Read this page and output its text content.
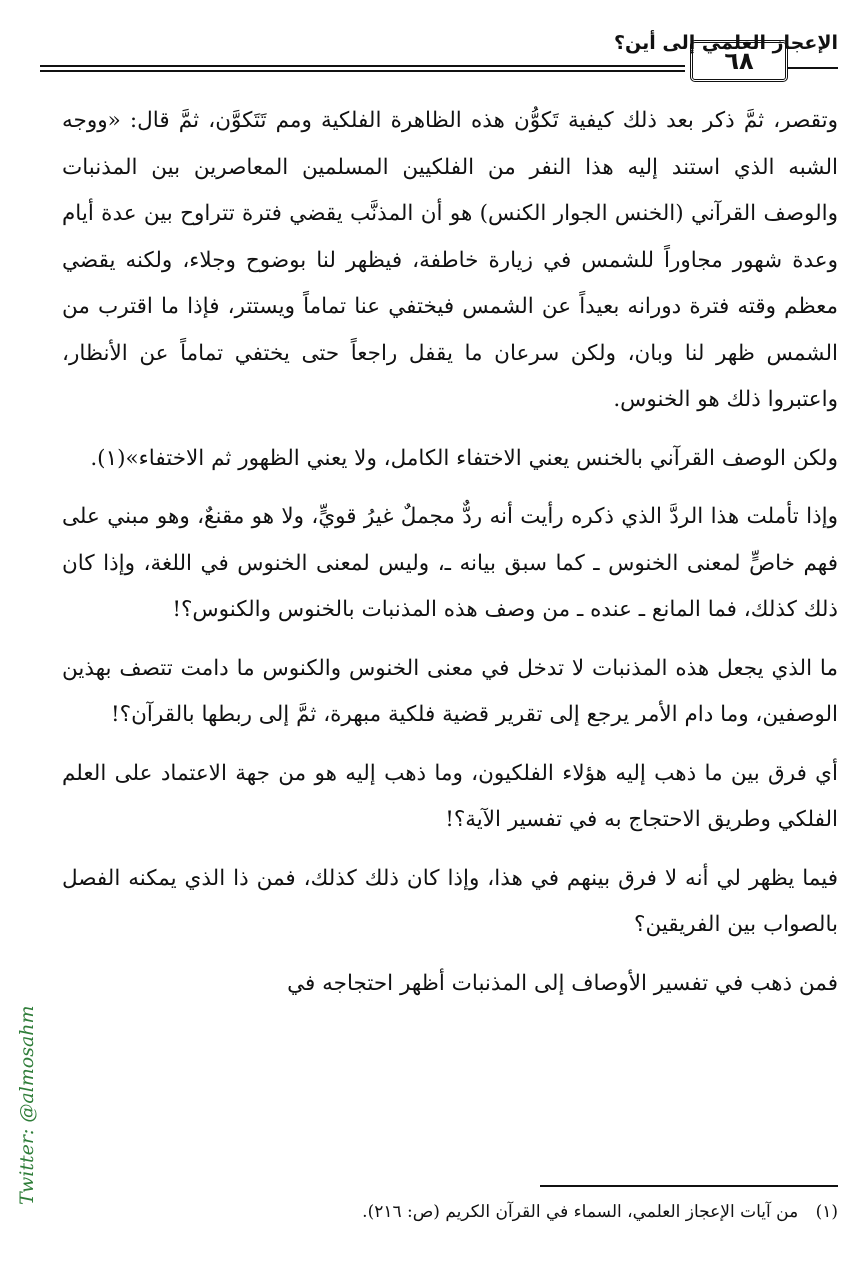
الإعجاز العلمي إلى أين؟
٦٨

وتقصر، ثمَّ ذكر بعد ذلك كيفية تَكوُّن هذه الظاهرة الفلكية ومم تَتَكوَّن، ثمَّ قال: «ووجه الشبه الذي استند إليه هذا النفر من الفلكيين المسلمين المعاصرين بين المذنبات والوصف القرآني (الخنس الجوار الكنس) هو أن المذنَّب يقضي فترة تتراوح بين عدة أيام وعدة شهور مجاوراً للشمس في زيارة خاطفة، فيظهر لنا بوضوح وجلاء، ولكنه يقضي معظم وقته فترة دورانه بعيداً عن الشمس فيختفي عنا تماماً ويستتر، فإذا ما اقترب من الشمس ظهر لنا وبان، ولكن سرعان ما يقفل راجعاً حتى يختفي تماماً عن الأنظار، واعتبروا ذلك هو الخنوس.

ولكن الوصف القرآني بالخنس يعني الاختفاء الكامل، ولا يعني الظهور ثم الاختفاء»(١).

وإذا تأملت هذا الردَّ الذي ذكره رأيت أنه ردٌّ مجملٌ غيرُ قويٍّ، ولا هو مقنعٌ، وهو مبني على فهم خاصٍّ لمعنى الخنوس ـ كما سبق بيانه ـ، وليس لمعنى الخنوس في اللغة، وإذا كان ذلك كذلك، فما المانع ـ عنده ـ من وصف هذه المذنبات بالخنوس والكنوس؟!

ما الذي يجعل هذه المذنبات لا تدخل في معنى الخنوس والكنوس ما دامت تتصف بهذين الوصفين، وما دام الأمر يرجع إلى تقرير قضية فلكية مبهرة، ثمَّ إلى ربطها بالقرآن؟!

أي فرق بين ما ذهب إليه هؤلاء الفلكيون، وما ذهب إليه هو من جهة الاعتماد على العلم الفلكي وطريق الاحتجاج به في تفسير الآية؟!

فيما يظهر لي أنه لا فرق بينهم في هذا، وإذا كان ذلك كذلك، فمن ذا الذي يمكنه الفصل بالصواب بين الفريقين؟

فمن ذهب في تفسير الأوصاف إلى المذنبات أظهر احتجاجه في

(١) من آيات الإعجاز العلمي، السماء في القرآن الكريم (ص: ٢١٦).
Twitter: @almosahm
